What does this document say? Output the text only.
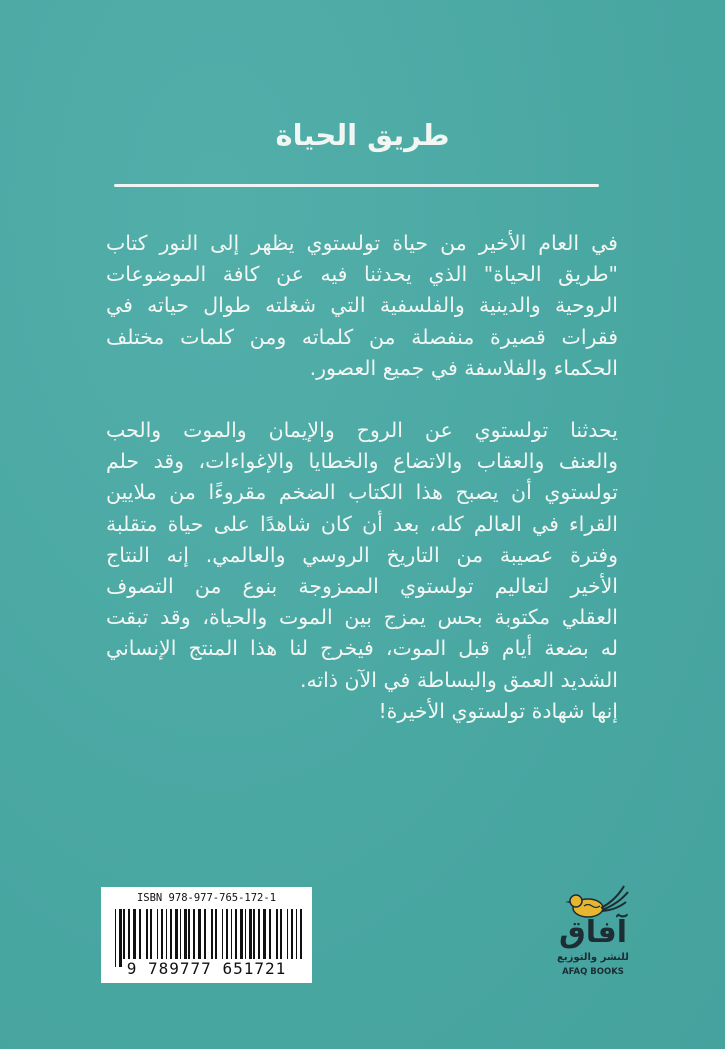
طريق الحياة
في العام الأخير من حياة تولستوي يظهر إلى النور كتاب
"طريق الحياة" الذي يحدثنا فيه عن كافة الموضوعات
الروحية والدينية والفلسفية التي شغلته طوال حياته في
فقرات قصيرة منفصلة من كلماته ومن كلمات مختلف
الحكماء والفلاسفة في جميع العصور.
يحدثنا تولستوي عن الروح والإيمان والموت والحب
والعنف والعقاب والاتضاع والخطايا والإغواءات، وقد حلم
تولستوي أن يصبح هذا الكتاب الضخم مقروءًا من ملايين
القراء في العالم كله، بعد أن كان شاهدًا على حياة متقلبة
وفترة عصيبة من التاريخ الروسي والعالمي. إنه النتاج
الأخير لتعاليم تولستوي الممزوجة بنوع من التصوف
العقلي مكتوبة بحس يمزج بين الموت والحياة، وقد تبقت
له بضعة أيام قبل الموت، فيخرج لنا هذا المنتج الإنساني
الشديد العمق والبساطة في الآن ذاته.
إنها شهادة تولستوي الأخيرة!
ISBN 978-977-765-172-1
9 789777 651721
آفاق
للنشر والتوزيع
AFAQ BOOKS
